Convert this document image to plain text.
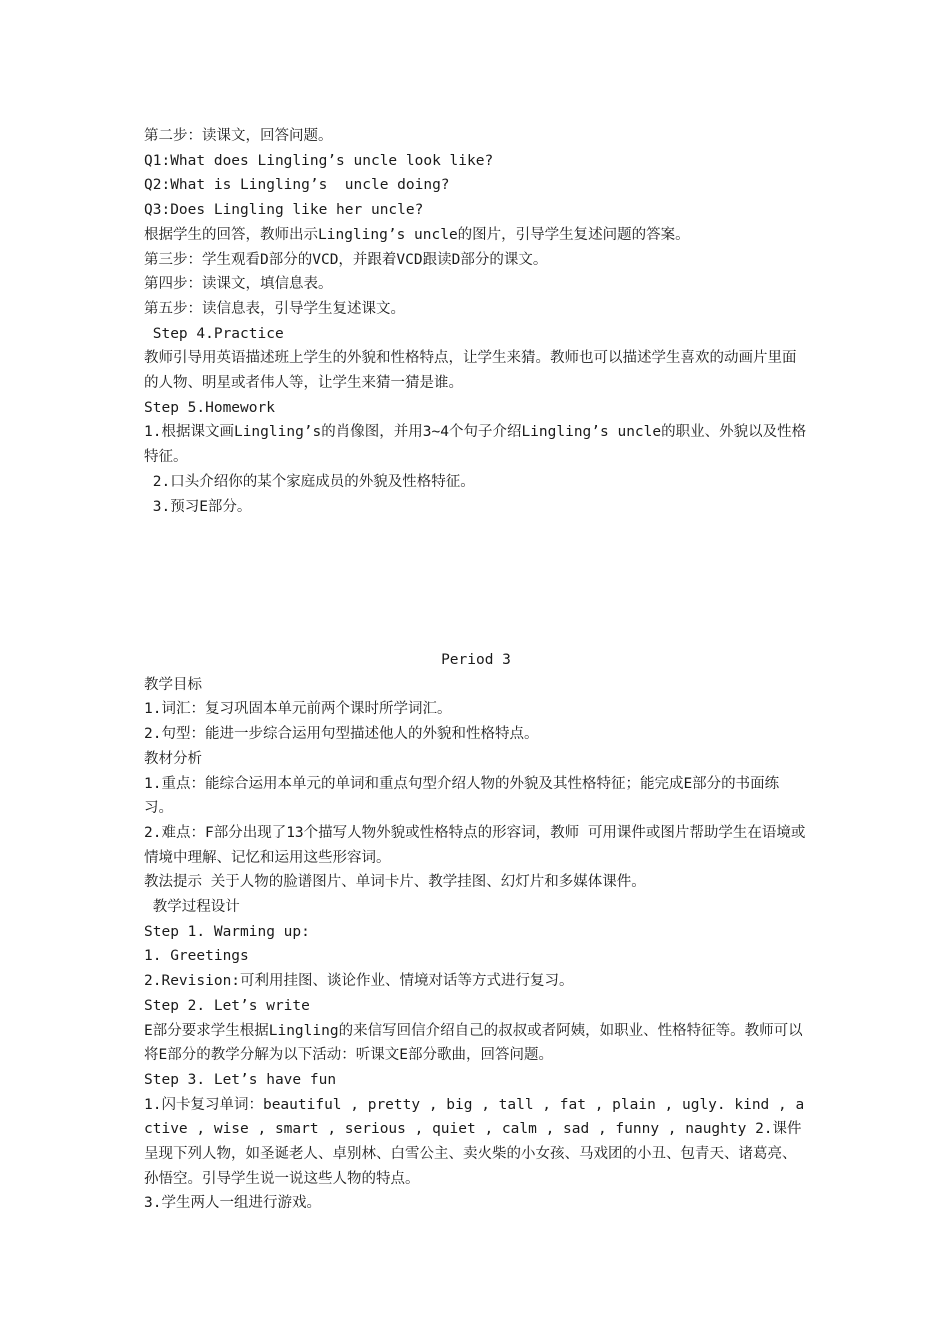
第二步：读课文，回答问题。

Q1:What does Lingling’s uncle look like?

Q2:What is Lingling’s  uncle doing?

Q3:Does Lingling like her uncle?

根据学生的回答，教师出示Lingling’s uncle的图片，引导学生复述问题的答案。

第三步：学生观看D部分的VCD，并跟着VCD跟读D部分的课文。

第四步：读课文，填信息表。

第五步：读信息表，引导学生复述课文。

Step 4.Practice

教师引导用英语描述班上学生的外貌和性格特点，让学生来猜。教师也可以描述学生喜欢的动画片里面的人物、明星或者伟人等，让学生来猜一猜是谁。

Step 5.Homework

1.根据课文画Lingling’s的肖像图，并用3~4个句子介绍Lingling’s uncle的职业、外貌以及性格特征。

2.口头介绍你的某个家庭成员的外貌及性格特征。

3.预习E部分。

Period 3

教学目标

1.词汇：复习巩固本单元前两个课时所学词汇。

2.句型：能进一步综合运用句型描述他人的外貌和性格特点。

教材分析

1.重点：能综合运用本单元的单词和重点句型介绍人物的外貌及其性格特征；能完成E部分的书面练习。

2.难点：F部分出现了13个描写人物外貌或性格特点的形容词，教师 可用课件或图片帮助学生在语境或情境中理解、记忆和运用这些形容词。

教法提示 关于人物的脸谱图片、单词卡片、教学挂图、幻灯片和多媒体课件。

教学过程设计

Step 1. Warming up:

1. Greetings

2.Revision:可利用挂图、谈论作业、情境对话等方式进行复习。

Step 2. Let’s write

E部分要求学生根据Lingling的来信写回信介绍自己的叔叔或者阿姨，如职业、性格特征等。教师可以将E部分的教学分解为以下活动：听课文E部分歌曲，回答问题。

Step 3. Let’s have fun

1.闪卡复习单词：beautiful , pretty , big , tall , fat , plain , ugly. kind , active , wise , smart , serious , quiet , calm , sad , funny , naughty 2.课件呈现下列人物，如圣诞老人、卓别林、白雪公主、卖火柴的小女孩、马戏团的小丑、包青天、诸葛亮、孙悟空。引导学生说一说这些人物的特点。

3.学生两人一组进行游戏。
